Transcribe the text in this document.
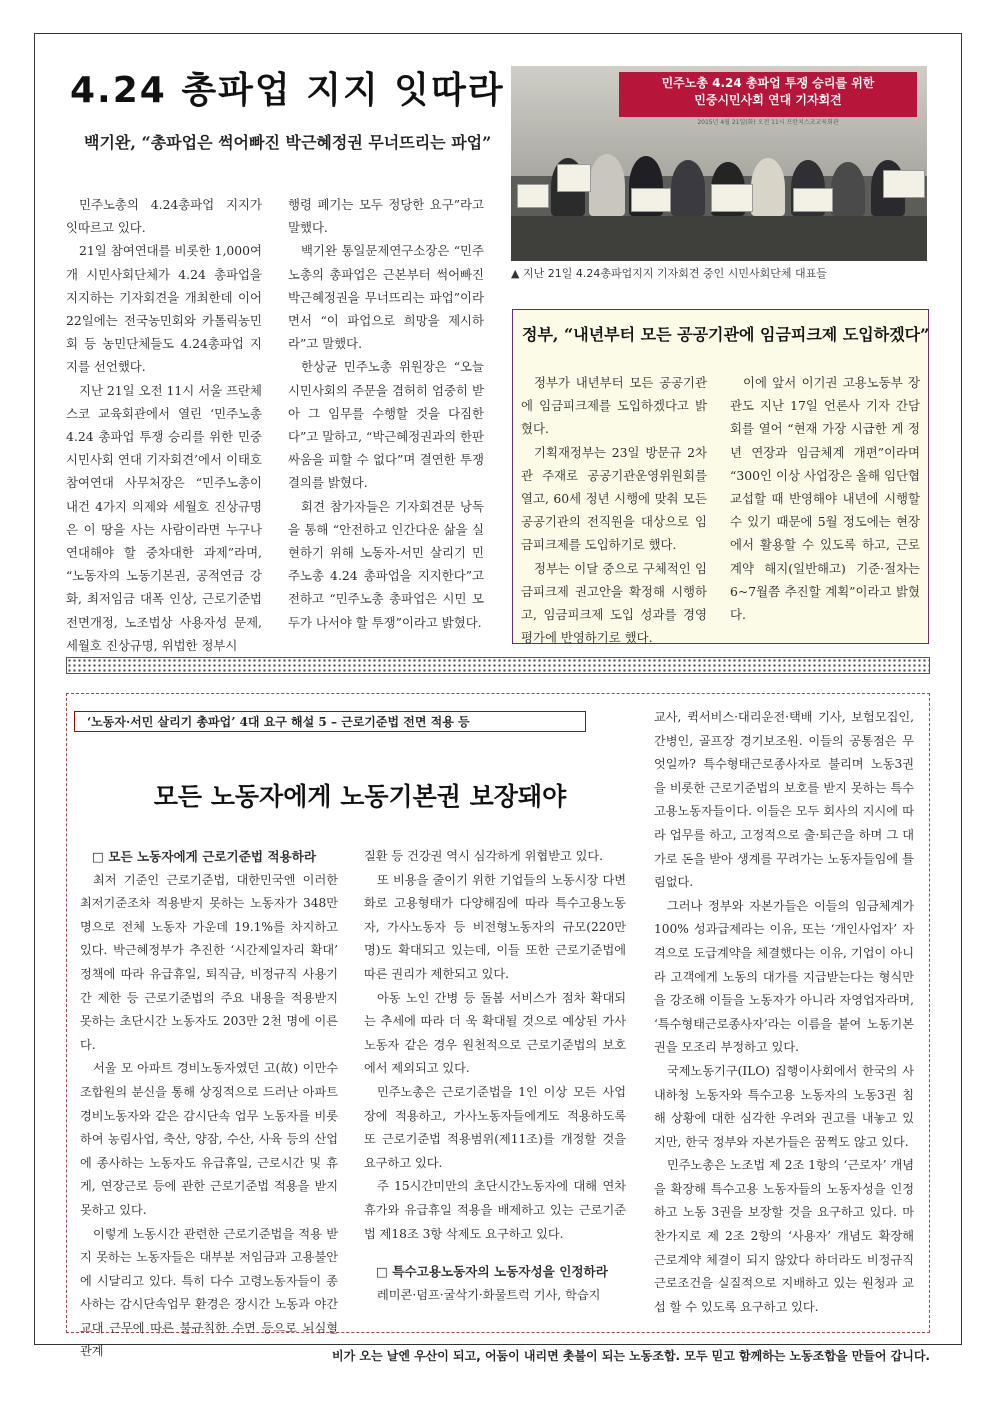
4.24 총파업 지지 잇따라
백기완, “총파업은 썩어빠진 박근혜정권 무너뜨리는 파업”

민주노총의 4.24총파업 지지가 잇따르고 있다.

21일 참여연대를 비롯한 1,000여개 시민사회단체가 4.24 총파업을 지지하는 기자회견을 개최한데 이어 22일에는 전국농민회와 카톨릭농민회 등 농민단체들도 4.24총파업 지지를 선언했다.

지난 21일 오전 11시 서울 프란체스코 교육회관에서 열린 ‘민주노총 4.24 총파업 투쟁 승리를 위한 민중시민사회 연대 기자회견’에서 이태호 참여연대 사무처장은 “민주노총이 내건 4가지 의제와 세월호 진상규명은 이 땅을 사는 사람이라면 누구나 연대해야 할 중차대한 과제”라며, “노동자의 노동기본권, 공적연금 강화, 최저임금 대폭 인상, 근로기준법 전면개정, 노조법상 사용자성 문제, 세월호 진상규명, 위법한 정부시

행령 폐기는 모두 정당한 요구”라고 말했다.

백기완 통일문제연구소장은 “민주노총의 총파업은 근본부터 썩어빠진 박근혜정권을 무너뜨리는 파업”이라면서 “이 파업으로 희망을 제시하라”고 말했다.

한상균 민주노총 위원장은 “오늘 시민사회의 주문을 겸허히 엄중히 받아 그 임무를 수행할 것을 다짐한다”고 말하고, “박근혜정권과의 한판 싸움을 피할 수 없다”며 결연한 투쟁 결의를 밝혔다.

회견 참가자들은 기자회견문 낭독을 통해 “안전하고 인간다운 삶을 실현하기 위해 노동자-서민 살리기 민주노총 4.24 총파업을 지지한다”고 전하고 “민주노총 총파업은 시민 모두가 나서야 할 투쟁”이라고 밝혔다.

민주노총 4.24 총파업 투쟁 승리를 위한
민중시민사회 연대 기자회견
2015년 4월 21일(화) 오전 11시 프란치스코교육회관
▲ 지난 21일 4.24총파업지지 기자회견 중인 시민사회단체 대표들
정부, “내년부터 모든 공공기관에 임금피크제 도입하겠다”

정부가 내년부터 모든 공공기관에 임금피크제를 도입하겠다고 밝혔다.

기획재정부는 23일 방문규 2차관 주재로 공공기관운영위원회를 열고, 60세 정년 시행에 맞춰 모든 공공기관의 전직원을 대상으로 임금피크제를 도입하기로 했다.

정부는 이달 중으로 구체적인 임금피크제 권고안을 확정해 시행하고, 임금피크제 도입 성과를 경영평가에 반영하기로 했다.

이에 앞서 이기권 고용노동부 장관도 지난 17일 언론사 기자 간담회를 열어 “현재 가장 시급한 게 정년 연장과 임금체계 개편”이라며 “300인 이상 사업장은 올해 임단협 교섭할 때 반영해야 내년에 시행할 수 있기 때문에 5월 정도에는 현장에서 활용할 수 있도록 하고, 근로계약 해지(일반해고) 기준·절차는 6~7월쯤 추진할 계획”이라고 밝혔다.

‘노동자·서민 살리기 총파업’ 4대 요구 해설 5 – 근로기준법 전면 적용 등
모든 노동자에게 노동기본권 보장돼야

□ 모든 노동자에게 근로기준법 적용하라

최저 기준인 근로기준법, 대한민국엔 이러한 최저기준조차 적용받지 못하는 노동자가 348만명으로 전체 노동자 가운데 19.1%를 차지하고 있다. 박근혜정부가 추진한 ‘시간제일자리 확대’ 정책에 따라 유급휴일, 퇴직금, 비정규직 사용기간 제한 등 근로기준법의 주요 내용을 적용받지 못하는 초단시간 노동자도 203만 2천 명에 이른다.

서울 모 아파트 경비노동자였던 고(故) 이만수 조합원의 분신을 통해 상징적으로 드러난 아파트 경비노동자와 같은 감시단속 업무 노동자를 비롯하여 농림사업, 축산, 양잠, 수산, 사육 등의 산업에 종사하는 노동자도 유급휴일, 근로시간 및 휴게, 연장근로 등에 관한 근로기준법 적용을 받지 못하고 있다.

이렇게 노동시간 관련한 근로기준법을 적용 받지 못하는 노동자들은 대부분 저임금과 고용불안에 시달리고 있다. 특히 다수 고령노동자들이 종사하는 감시단속업무 환경은 장시간 노동과 야간교대 근무에 따른 불규칙한 수면 등으로 뇌심혈관계

질환 등 건강권 역시 심각하게 위협받고 있다.

또 비용을 줄이기 위한 기업들의 노동시장 다변화로 고용형태가 다양해짐에 따라 특수고용노동자, 가사노동자 등 비전형노동자의 규모(220만명)도 확대되고 있는데, 이들 또한 근로기준법에 따른 권리가 제한되고 있다.

아동 노인 간병 등 돌봄 서비스가 점차 확대되는 추세에 따라 더 욱 확대될 것으로 예상된 가사노동자 같은 경우 원천적으로 근로기준법의 보호에서 제외되고 있다.

민주노총은 근로기준법을 1인 이상 모든 사업장에 적용하고, 가사노동자들에게도 적용하도록 또 근로기준법 적용범위(제11조)를 개정할 것을 요구하고 있다.

주 15시간미만의 초단시간노동자에 대해 연차휴가와 유급휴일 적용을 배제하고 있는 근로기준법 제18조 3항 삭제도 요구하고 있다.

□ 특수고용노동자의 노동자성을 인정하라

레미콘·덤프·굴삭기·화물트럭 기사, 학습지

교사, 퀵서비스·대리운전·택배 기사, 보험모집인, 간병인, 골프장 경기보조원. 이들의 공통점은 무엇일까? 특수형태근로종사자로 불리며 노동3권을 비롯한 근로기준법의 보호를 받지 못하는 특수고용노동자들이다. 이들은 모두 회사의 지시에 따라 업무를 하고, 고정적으로 출·퇴근을 하며 그 대가로 돈을 받아 생계를 꾸려가는 노동자들임에 틀림없다.

그러나 정부와 자본가들은 이들의 임금체계가 100% 성과급제라는 이유, 또는 ‘개인사업자’ 자격으로 도급계약을 체결했다는 이유, 기업이 아니라 고객에게 노동의 대가를 지급받는다는 형식만을 강조해 이들을 노동자가 아니라 자영업자라며, ‘특수형태근로종사자’라는 이름을 붙여 노동기본권을 모조리 부정하고 있다.

국제노동기구(ILO) 집행이사회에서 한국의 사내하청 노동자와 특수고용 노동자의 노동3권 침해 상황에 대한 심각한 우려와 권고를 내놓고 있지만, 한국 정부와 자본가들은 꿈쩍도 않고 있다.

민주노총은 노조법 제 2조 1항의 ‘근로자’ 개념을 확장해 특수고용 노동자들의 노동자성을 인정하고 노동 3권을 보장할 것을 요구하고 있다. 마찬가지로 제 2조 2항의 ‘사용자’ 개념도 확장해 근로계약 체결이 되지 않았다 하더라도 비정규직 근로조건을 실질적으로 지배하고 있는 원청과 교섭 할 수 있도록 요구하고 있다.

비가 오는 날엔 우산이 되고, 어둠이 내리면 촛불이 되는 노동조합. 모두 믿고 함께하는 노동조합을 만들어 갑니다.
